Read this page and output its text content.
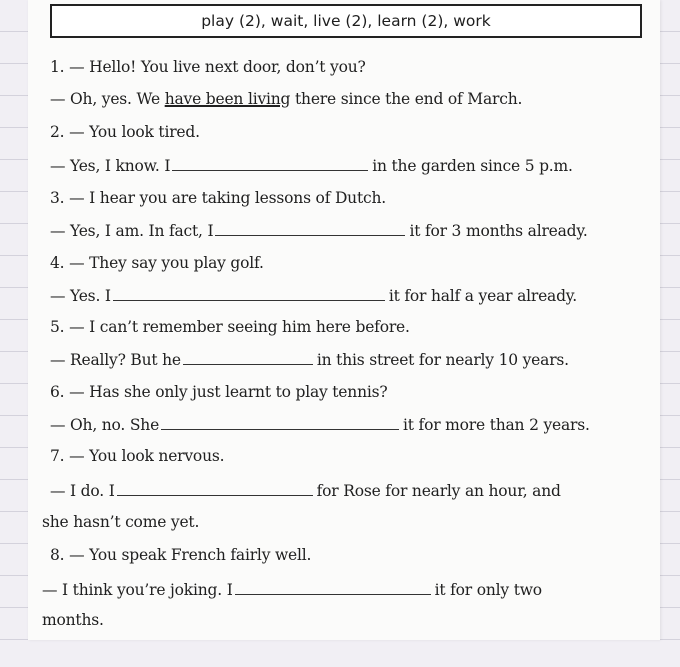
play (2), wait, live (2), learn (2), work
1. — Hello! You live next door, don’t you?
— Oh, yes. We have been living there since the end of March.
2. — You look tired.
— Yes, I know. I	in the garden since 5 p.m.
3. — I hear you are taking lessons of Dutch.
— Yes, I am. In fact, I	it for 3 months already.
4. — They say you play golf.
— Yes. I	it for half a year already.
5. — I can’t remember seeing him here before.
— Really? But he	in this street for nearly 10 years.
6. — Has she only just learnt to play tennis?
— Oh, no. She	it for more than 2 years.
7. — You look nervous.
— I do. I	for Rose for nearly an hour, and
she hasn’t come yet.
8. — You speak French fairly well.
— I think you’re joking. I	it for only two
months.
